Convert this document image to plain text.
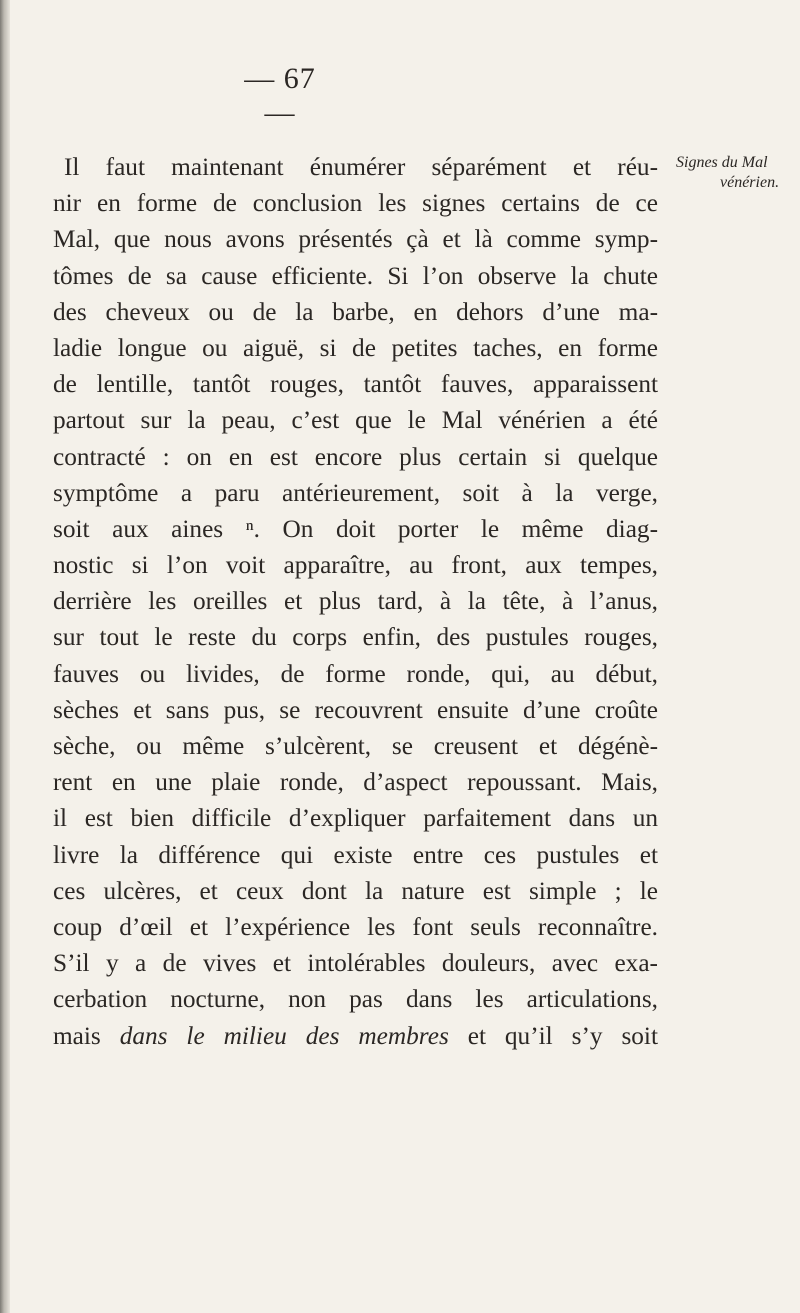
— 67 —
Signes du Mal
vénérien.
Il faut maintenant énumérer séparément et réu-
nir en forme de conclusion les signes certains de ce
Mal, que nous avons présentés çà et là comme symp-
tômes de sa cause efficiente. Si l’on observe la chute
des cheveux ou de la barbe, en dehors d’une ma-
ladie longue ou aiguë, si de petites taches, en forme
de lentille, tantôt rouges, tantôt fauves, apparaissent
partout sur la peau, c’est que le Mal vénérien a été
contracté : on en est encore plus certain si quelque
symptôme a paru antérieurement, soit à la verge,
soit aux aines ⁿ. On doit porter le même diag-
nostic si l’on voit apparaître, au front, aux tempes,
derrière les oreilles et plus tard, à la tête, à l’anus,
sur tout le reste du corps enfin, des pustules rouges,
fauves ou livides, de forme ronde, qui, au début,
sèches et sans pus, se recouvrent ensuite d’une croûte
sèche, ou même s’ulcèrent, se creusent et dégénè-
rent en une plaie ronde, d’aspect repoussant. Mais,
il est bien difficile d’expliquer parfaitement dans un
livre la différence qui existe entre ces pustules et
ces ulcères, et ceux dont la nature est simple ; le
coup d’œil et l’expérience les font seuls reconnaître.
S’il y a de vives et intolérables douleurs, avec exa-
cerbation nocturne, non pas dans les articulations,
mais dans le milieu des membres et qu’il s’y soit
